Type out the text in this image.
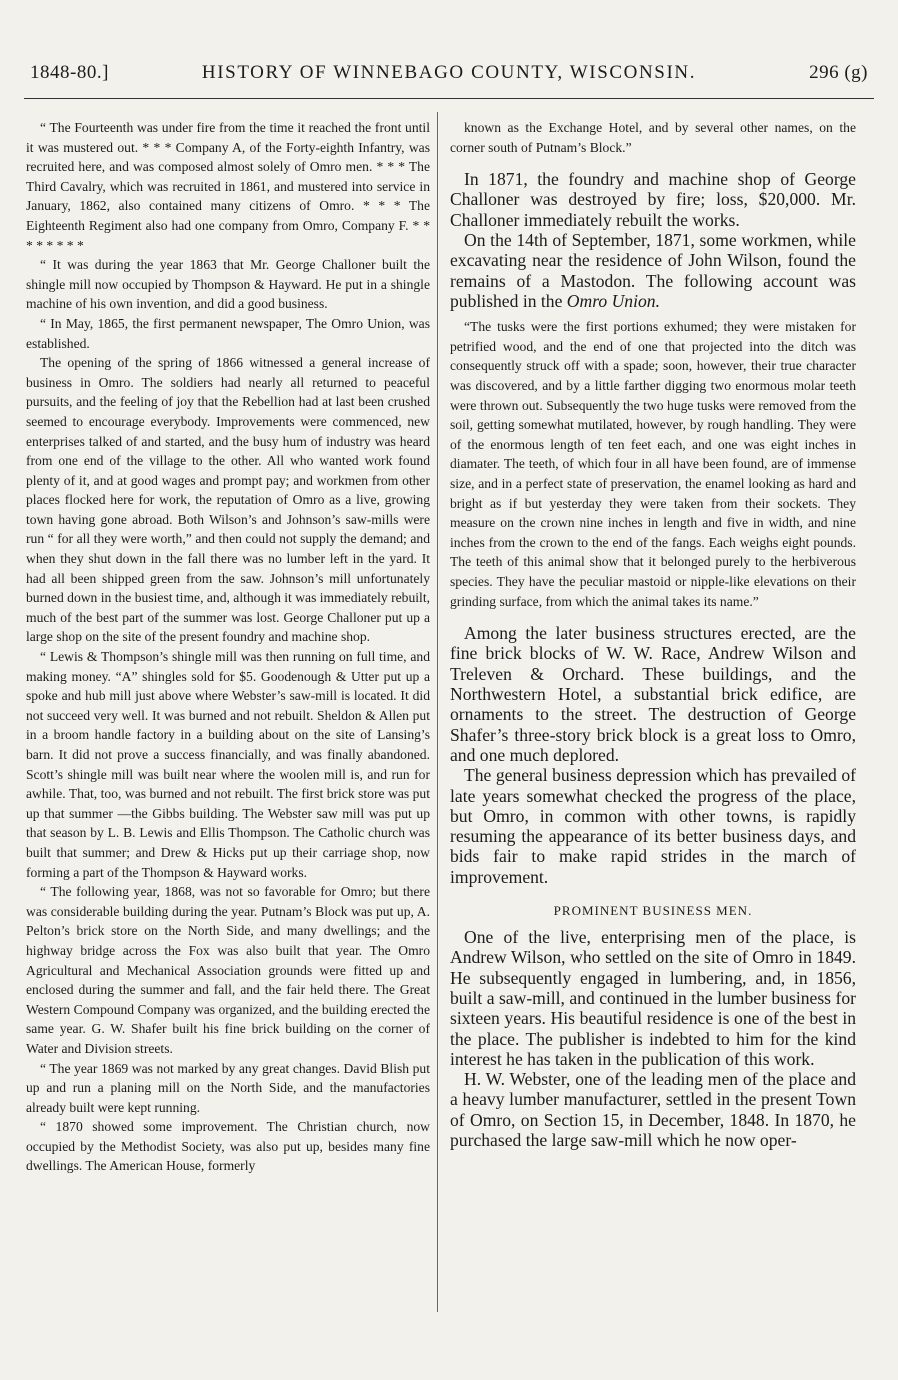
1848-80.]	HISTORY OF WINNEBAGO COUNTY, WISCONSIN.	296 (g)

“ The Fourteenth was under fire from the time it reached the front until it was mustered out. * * * Company A, of the Forty-eighth Infantry, was recruited here, and was composed almost solely of Omro men. * * * The Third Cavalry, which was recruited in 1861, and mustered into service in January, 1862, also contained many citizens of Omro. * * * The Eighteenth Regiment also had one company from Omro, Company F. * * * * * * * *

“ It was during the year 1863 that Mr. George Challoner built the shingle mill now occupied by Thompson & Hayward. He put in a shingle machine of his own invention, and did a good business.

“ In May, 1865, the first permanent newspaper, The Omro Union, was established.

The opening of the spring of 1866 witnessed a general increase of business in Omro. The soldiers had nearly all returned to peaceful pursuits, and the feeling of joy that the Rebellion had at last been crushed seemed to encourage everybody. Improvements were commenced, new enterprises talked of and started, and the busy hum of industry was heard from one end of the village to the other. All who wanted work found plenty of it, and at good wages and prompt pay; and workmen from other places flocked here for work, the reputation of Omro as a live, growing town having gone abroad. Both Wilson’s and Johnson’s saw-mills were run “ for all they were worth,” and then could not supply the demand; and when they shut down in the fall there was no lumber left in the yard. It had all been shipped green from the saw. Johnson’s mill unfortunately burned down in the busiest time, and, although it was immediately rebuilt, much of the best part of the summer was lost. George Challoner put up a large shop on the site of the present foundry and machine shop.

“ Lewis & Thompson’s shingle mill was then running on full time, and making money. “A” shingles sold for $5. Goodenough & Utter put up a spoke and hub mill just above where Webster’s saw-mill is located. It did not succeed very well. It was burned and not rebuilt. Sheldon & Allen put in a broom handle factory in a building about on the site of Lansing’s barn. It did not prove a success financially, and was finally abandoned. Scott’s shingle mill was built near where the woolen mill is, and run for awhile. That, too, was burned and not rebuilt. The first brick store was put up that summer —the Gibbs building. The Webster saw mill was put up that season by L. B. Lewis and Ellis Thompson. The Catholic church was built that summer; and Drew & Hicks put up their carriage shop, now forming a part of the Thompson & Hayward works.

“ The following year, 1868, was not so favorable for Omro; but there was considerable building during the year. Putnam’s Block was put up, A. Pelton’s brick store on the North Side, and many dwellings; and the highway bridge across the Fox was also built that year. The Omro Agricultural and Mechanical Association grounds were fitted up and enclosed during the summer and fall, and the fair held there. The Great Western Compound Company was organized, and the building erected the same year. G. W. Shafer built his fine brick building on the corner of Water and Division streets.

“ The year 1869 was not marked by any great changes. David Blish put up and run a planing mill on the North Side, and the manufactories already built were kept running.

“ 1870 showed some improvement. The Christian church, now occupied by the Methodist Society, was also put up, besides many fine dwellings. The American House, formerly

known as the Exchange Hotel, and by several other names, on the corner south of Putnam’s Block.”

In 1871, the foundry and machine shop of George Challoner was destroyed by fire; loss, $20,000. Mr. Challoner immediately rebuilt the works.

On the 14th of September, 1871, some workmen, while excavating near the residence of John Wilson, found the remains of a Mastodon. The following account was published in the Omro Union.

“The tusks were the first portions exhumed; they were mistaken for petrified wood, and the end of one that projected into the ditch was consequently struck off with a spade; soon, however, their true character was discovered, and by a little farther digging two enormous molar teeth were thrown out. Subsequently the two huge tusks were removed from the soil, getting somewhat mutilated, however, by rough handling. They were of the enormous length of ten feet each, and one was eight inches in diamater. The teeth, of which four in all have been found, are of immense size, and in a perfect state of preservation, the enamel looking as hard and bright as if but yesterday they were taken from their sockets. They measure on the crown nine inches in length and five in width, and nine inches from the crown to the end of the fangs. Each weighs eight pounds. The teeth of this animal show that it belonged purely to the herbiverous species. They have the peculiar mastoid or nipple-like elevations on their grinding surface, from which the animal takes its name.”

Among the later business structures erected, are the fine brick blocks of W. W. Race, Andrew Wilson and Treleven & Orchard. These buildings, and the Northwestern Hotel, a substantial brick edifice, are ornaments to the street. The destruction of George Shafer’s three-story brick block is a great loss to Omro, and one much deplored.

The general business depression which has prevailed of late years somewhat checked the progress of the place, but Omro, in common with other towns, is rapidly resuming the appearance of its better business days, and bids fair to make rapid strides in the march of improvement.

PROMINENT BUSINESS MEN.

One of the live, enterprising men of the place, is Andrew Wilson, who settled on the site of Omro in 1849. He subsequently engaged in lumbering, and, in 1856, built a saw-mill, and continued in the lumber business for sixteen years. His beautiful residence is one of the best in the place. The publisher is indebted to him for the kind interest he has taken in the publication of this work.

H. W. Webster, one of the leading men of the place and a heavy lumber manufacturer, settled in the present Town of Omro, on Section 15, in December, 1848. In 1870, he purchased the large saw-mill which he now oper-
